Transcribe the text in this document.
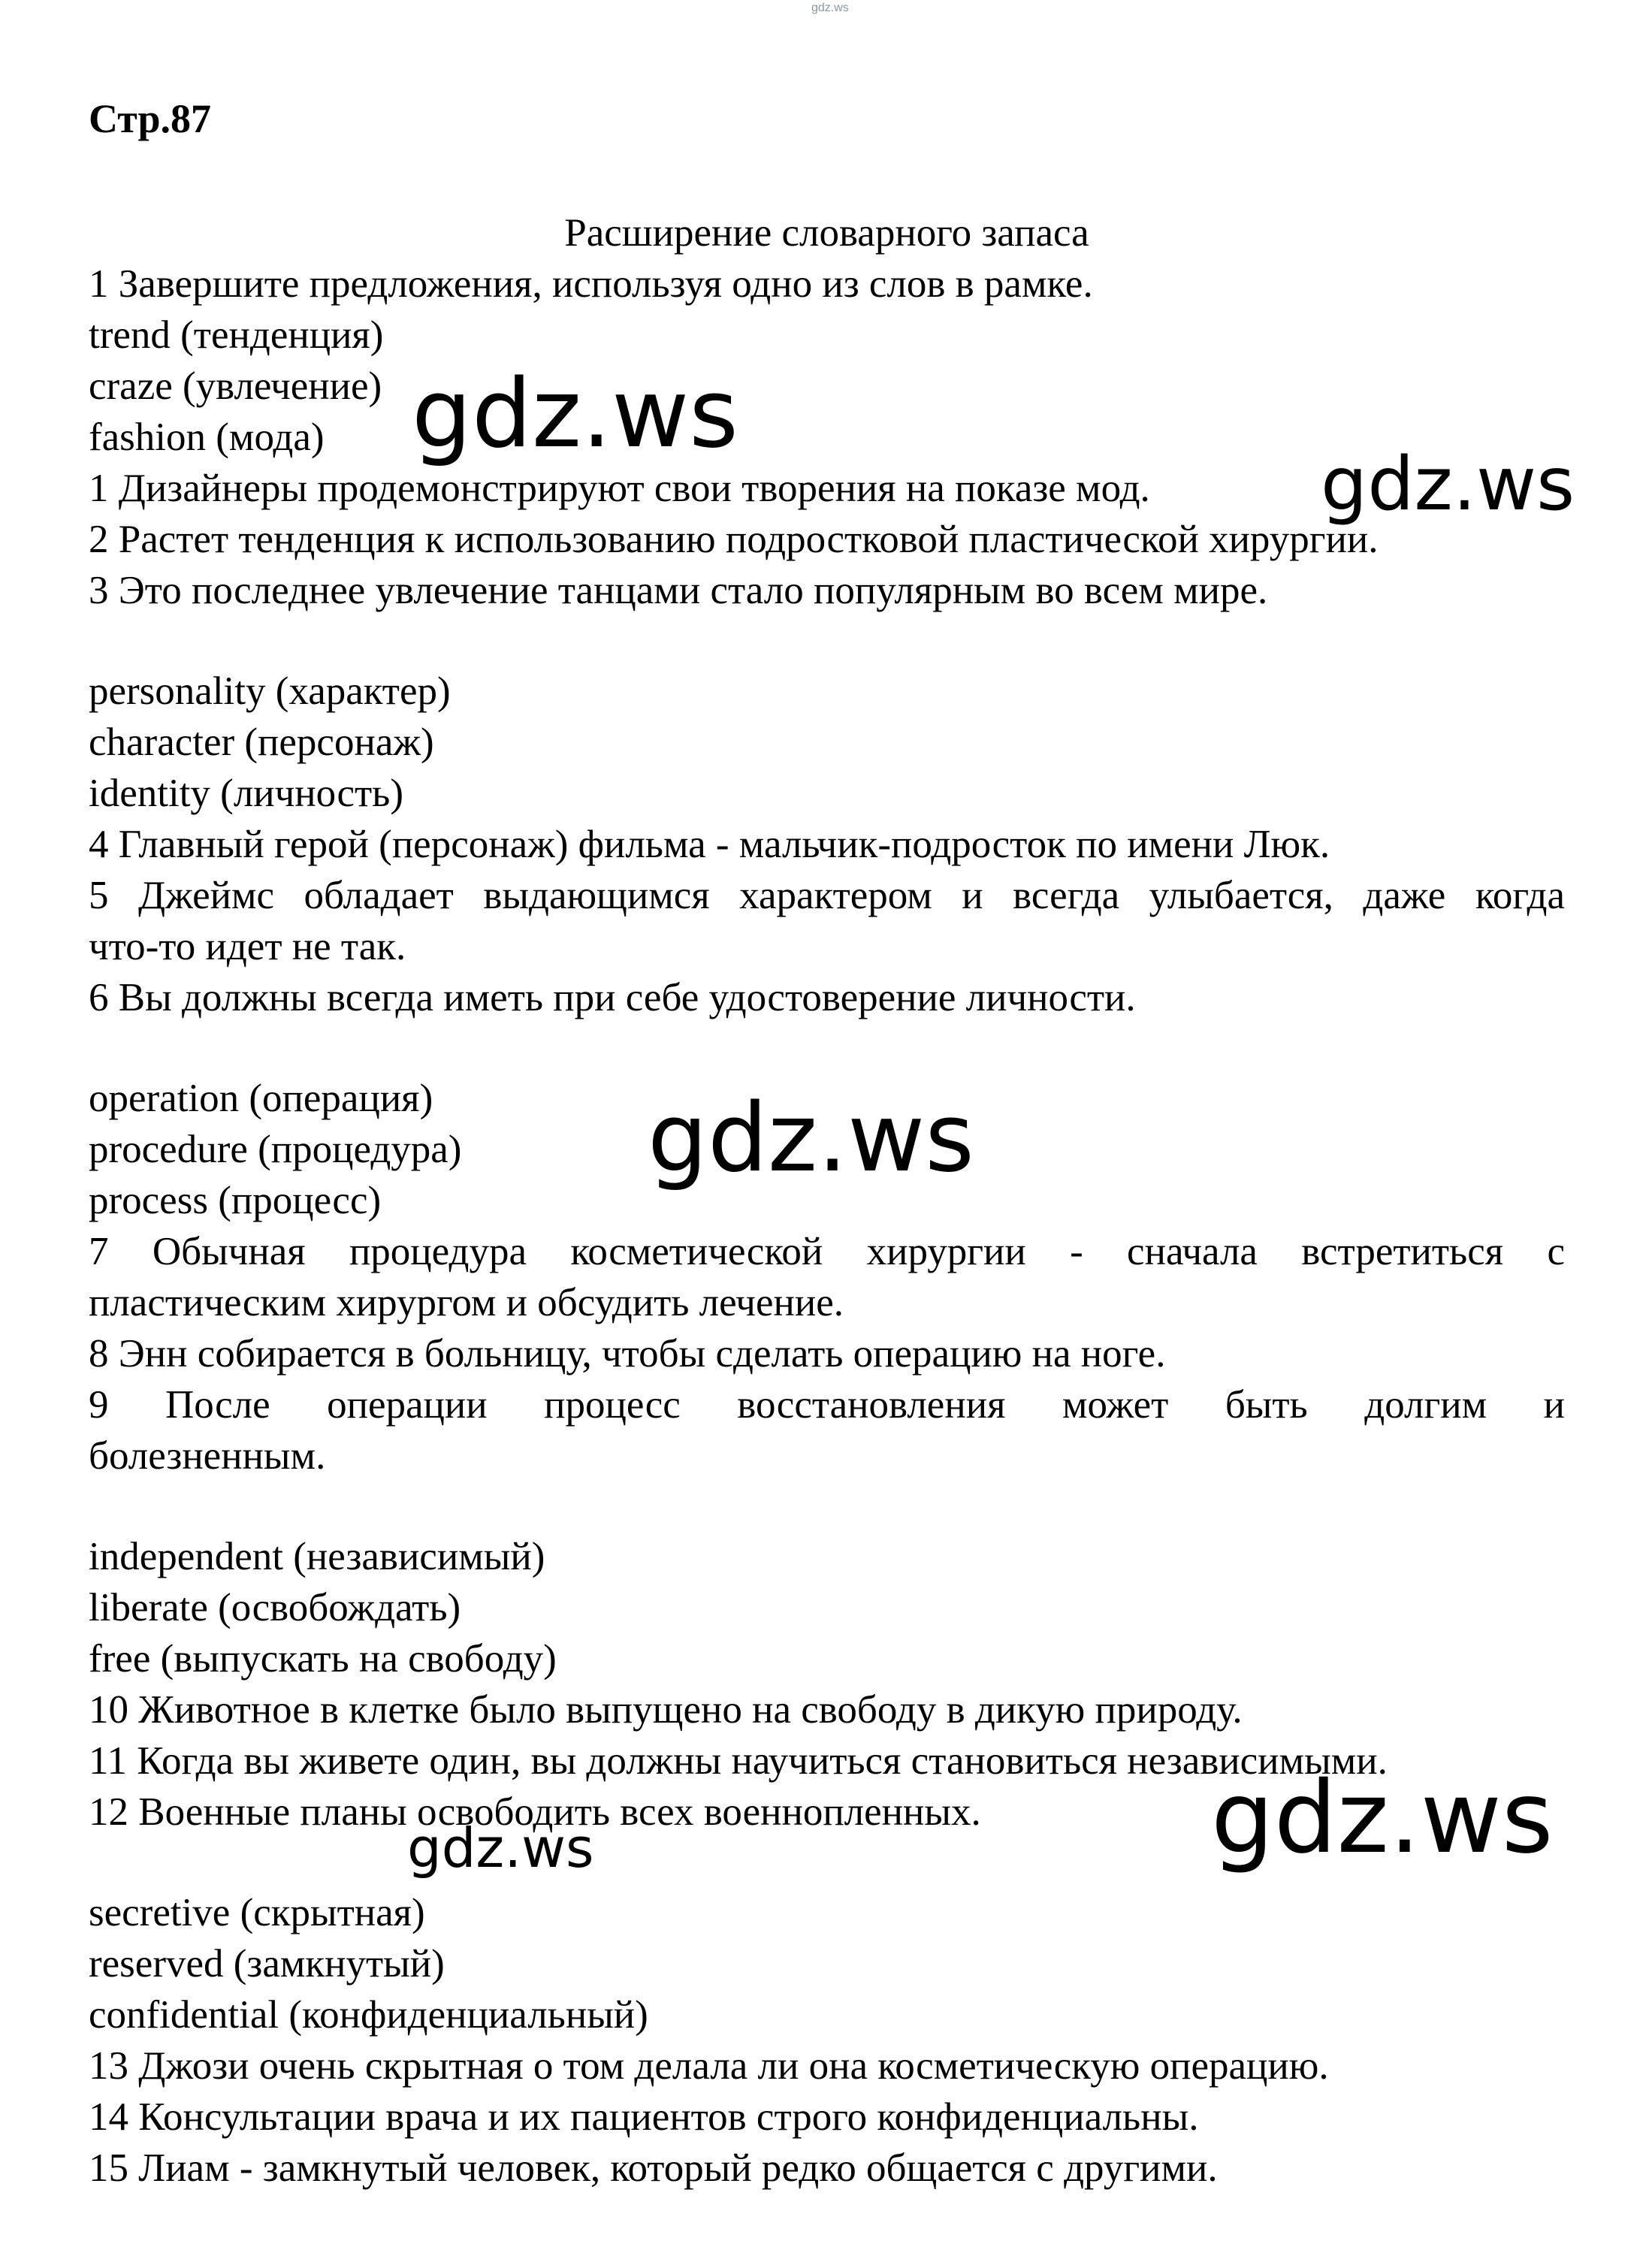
gdz.ws
Стр.87
Расширение словарного запаса
1 Завершите предложения, используя одно из слов в рамке.
trend (тенденция)
craze (увлечение)
fashion (мода)
1 Дизайнеры продемонстрируют свои творения на показе мод.
2 Растет тенденция к использованию подростковой пластической хирургии.
3 Это последнее увлечение танцами стало популярным во всем мире.
personality (характер)
character (персонаж)
identity (личность)
4 Главный герой (персонаж) фильма - мальчик-подросток по имени Люк.
5 Джеймс обладает выдающимся характером и всегда улыбается, даже когда
что-то идет не так.
6 Вы должны всегда иметь при себе удостоверение личности.
operation (операция)
procedure (процедура)
process (процесс)
7 Обычная процедура косметической хирургии - сначала встретиться с
пластическим хирургом и обсудить лечение.
8 Энн собирается в больницу, чтобы сделать операцию на ноге.
9 После операции процесс восстановления может быть долгим и
болезненным.
independent (независимый)
liberate (освобождать)
free (выпускать на свободу)
10 Животное в клетке было выпущено на свободу в дикую природу.
11 Когда вы живете один, вы должны научиться становиться независимыми.
12 Военные планы освободить всех военнопленных.
secretive (скрытная)
reserved (замкнутый)
confidential (конфиденциальный)
13 Джози очень скрытная о том делала ли она косметическую операцию.
14 Консультации врача и их пациентов строго конфиденциальны.
15 Лиам - замкнутый человек, который редко общается с другими.
gdz.ws
gdz.ws
gdz.ws
gdz.ws
gdz.ws
